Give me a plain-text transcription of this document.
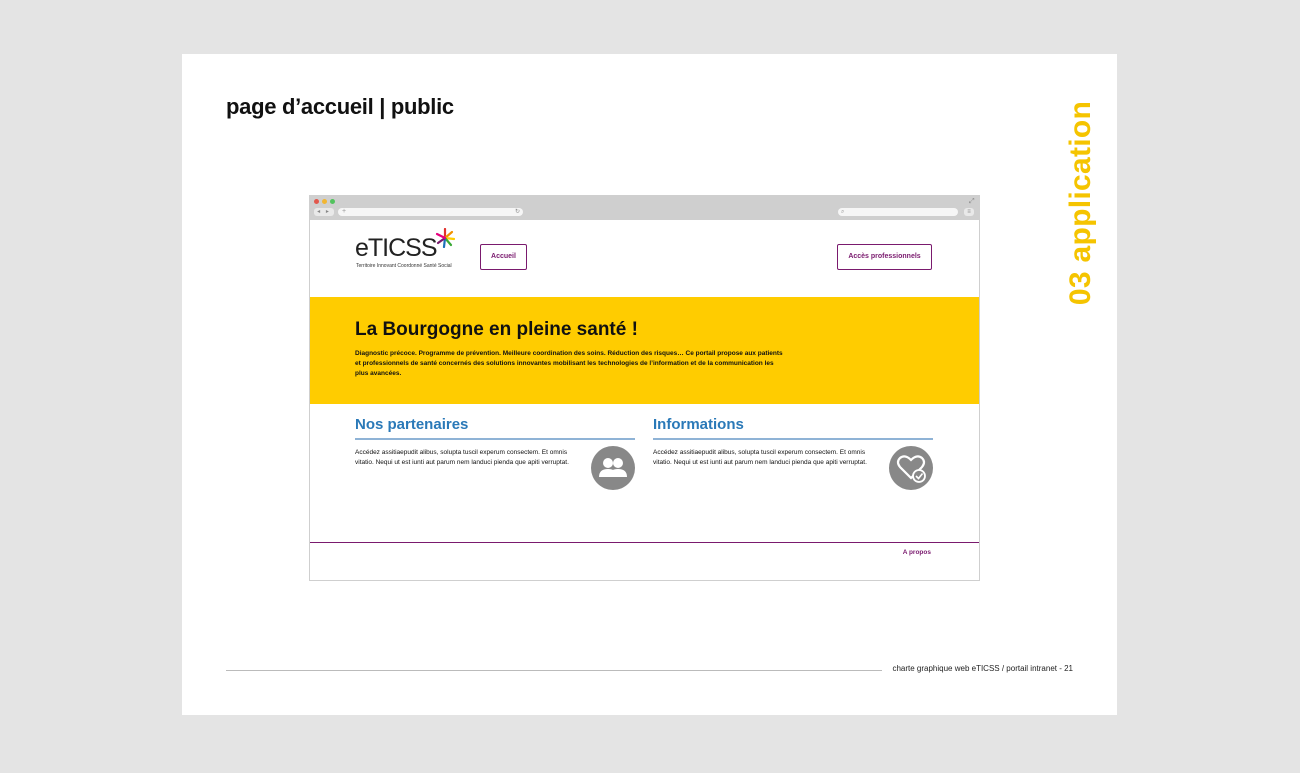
page d’accueil | public	03 application
⤢
◂ ▸	+	↻	⌕	≡
eTICSS
Territoire Innovant Coordonné Santé Social
Accueil	Accès professionnels
La Bourgogne en pleine santé !

Diagnostic précoce. Programme de prévention. Meilleure coordination des soins. Réduction des risques… Ce portail propose aux patients et professionnels de santé concernés des solutions innovantes mobilisant les technologies de l’information et de la communication les plus avancées.

Nos partenaires

Accédez assitiaepudit alibus, solupta tuscil experum consectem. Et omnis vitatio. Nequi ut est iunti aut parum nem landuci pienda que apiti verruptat.

Informations

Accédez assitiaepudit alibus, solupta tuscil experum consectem. Et omnis vitatio. Nequi ut est iunti aut parum nem landuci pienda que apiti verruptat.

A propos
charte graphique web eTICSS / portail intranet - 21
